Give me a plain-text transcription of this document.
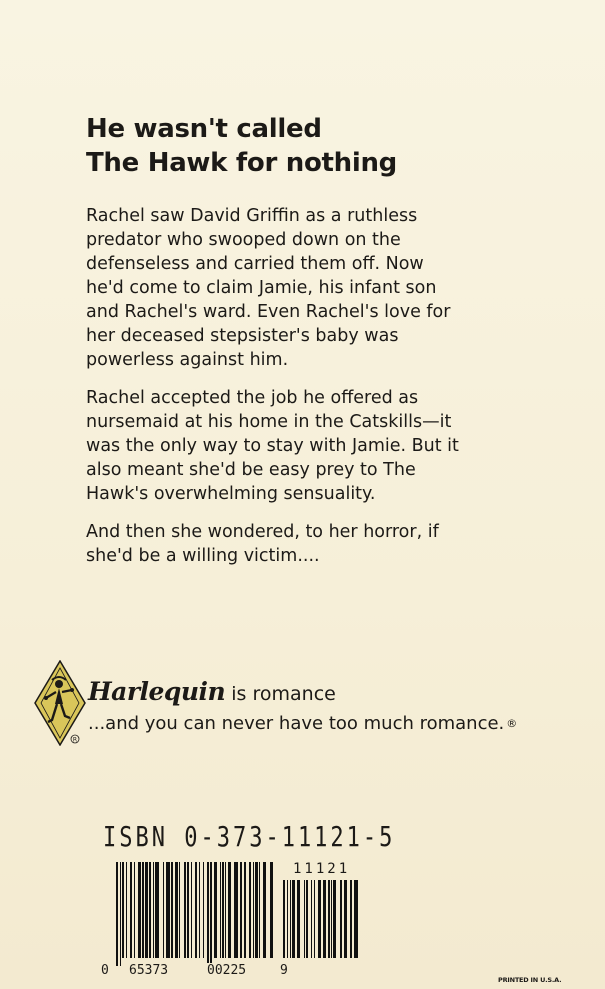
He wasn't called
The Hawk for nothing

Rachel saw David Griffin as a ruthless
predator who swooped down on the
defenseless and carried them off. Now
he'd come to claim Jamie, his infant son
and Rachel's ward. Even Rachel's love for
her deceased stepsister's baby was
powerless against him.

Rachel accepted the job he offered as
nursemaid at his home in the Catskills—it
was the only way to stay with Jamie. But it
also meant she'd be easy prey to The
Hawk's overwhelming sensuality.

And then she wondered, to her horror, if
she'd be a willing victim....

R
Harlequin is romance
...and you can never have too much romance. ®
ISBN 0-373-11121-5
11121
0 65373	00225	9
PRINTED IN U.S.A.
